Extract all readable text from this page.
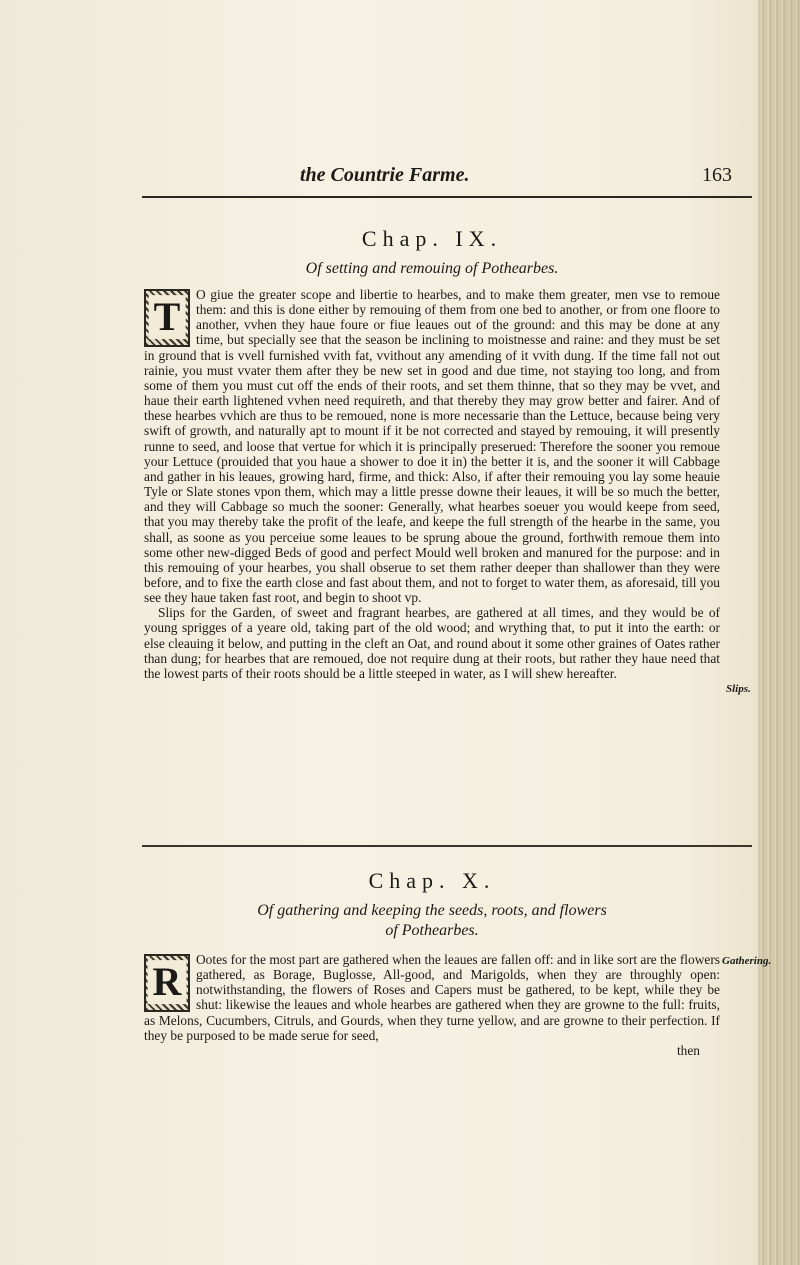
the Countrie Farme.	163
Chap. IX.
Of setting and remouing of Pothearbes.
T	O giue the greater scope and libertie to hearbes, and to make them greater, men vse to remoue them: and this is done either by remouing of them from one bed to another, or from one floore to another, vvhen they haue foure or fiue leaues out of the ground: and this may be done at any time, but specially see that the season be inclining to moistnesse and raine: and they must be set in ground that is vvell furnished vvith fat, vvithout any amending of it vvith dung. If the time fall not out rainie, you must vvater them after they be new set in good and due time, not staying too long, and from some of them you must cut off the ends of their roots, and set them thinne, that so they may be vvet, and haue their earth lightened vvhen need requireth, and that thereby they may grow better and fairer. And of these hearbes vvhich are thus to be remoued, none is more necessarie than the Lettuce, because being very swift of growth, and naturally apt to mount if it be not corrected and stayed by remouing, it will presently runne to seed, and loose that vertue for which it is principally preserued: Therefore the sooner you remoue your Lettuce (prouided that you haue a shower to doe it in) the better it is, and the sooner it will Cabbage and gather in his leaues, growing hard, firme, and thick: Also, if after their remouing you lay some heauie Tyle or Slate stones vpon them, which may a little presse downe their leaues, it will be so much the better, and they will Cabbage so much the sooner: Generally, what hearbes soeuer you would keepe from seed, that you may thereby take the profit of the leafe, and keepe the full strength of the hearbe in the same, you shall, as soone as you perceiue some leaues to be sprung aboue the ground, forthwith remoue them into some other new-digged Beds of good and perfect Mould well broken and manured for the purpose: and in this remouing of your hearbes, you shall obserue to set them rather deeper than shallower than they were before, and to fixe the earth close and fast about them, and not to forget to water them, as aforesaid, till you see they haue taken fast root, and begin to shoot vp.

Slips for the Garden, of sweet and fragrant hearbes, are gathered at all times, and they would be of young sprigges of a yeare old, taking part of the old wood; and wrything that, to put it into the earth: or else cleauing it below, and putting in the cleft an Oat, and round about it some other graines of Oates rather than dung; for hearbes that are remoued, doe not require dung at their roots, but rather they haue need that the lowest parts of their roots should be a little steeped in water, as I will shew hereafter.

Slips.
Chap. X.
Of gathering and keeping the seeds, roots, and flowers
of Pothearbes.
R	Ootes for the most part are gathered when the leaues are fallen off: and in like sort are the flowers gathered, as Borage, Buglosse, All-good, and Marigolds, when they are throughly open: notwithstanding, the flowers of Roses and Capers must be gathered, to be kept, while they be shut: likewise the leaues and whole hearbes are gathered when they are growne to the full: fruits, as Melons, Cucumbers, Citruls, and Gourds, when they turne yellow, and are growne to their perfection. If they be purposed to be made serue for seed,

then
Gathering.
